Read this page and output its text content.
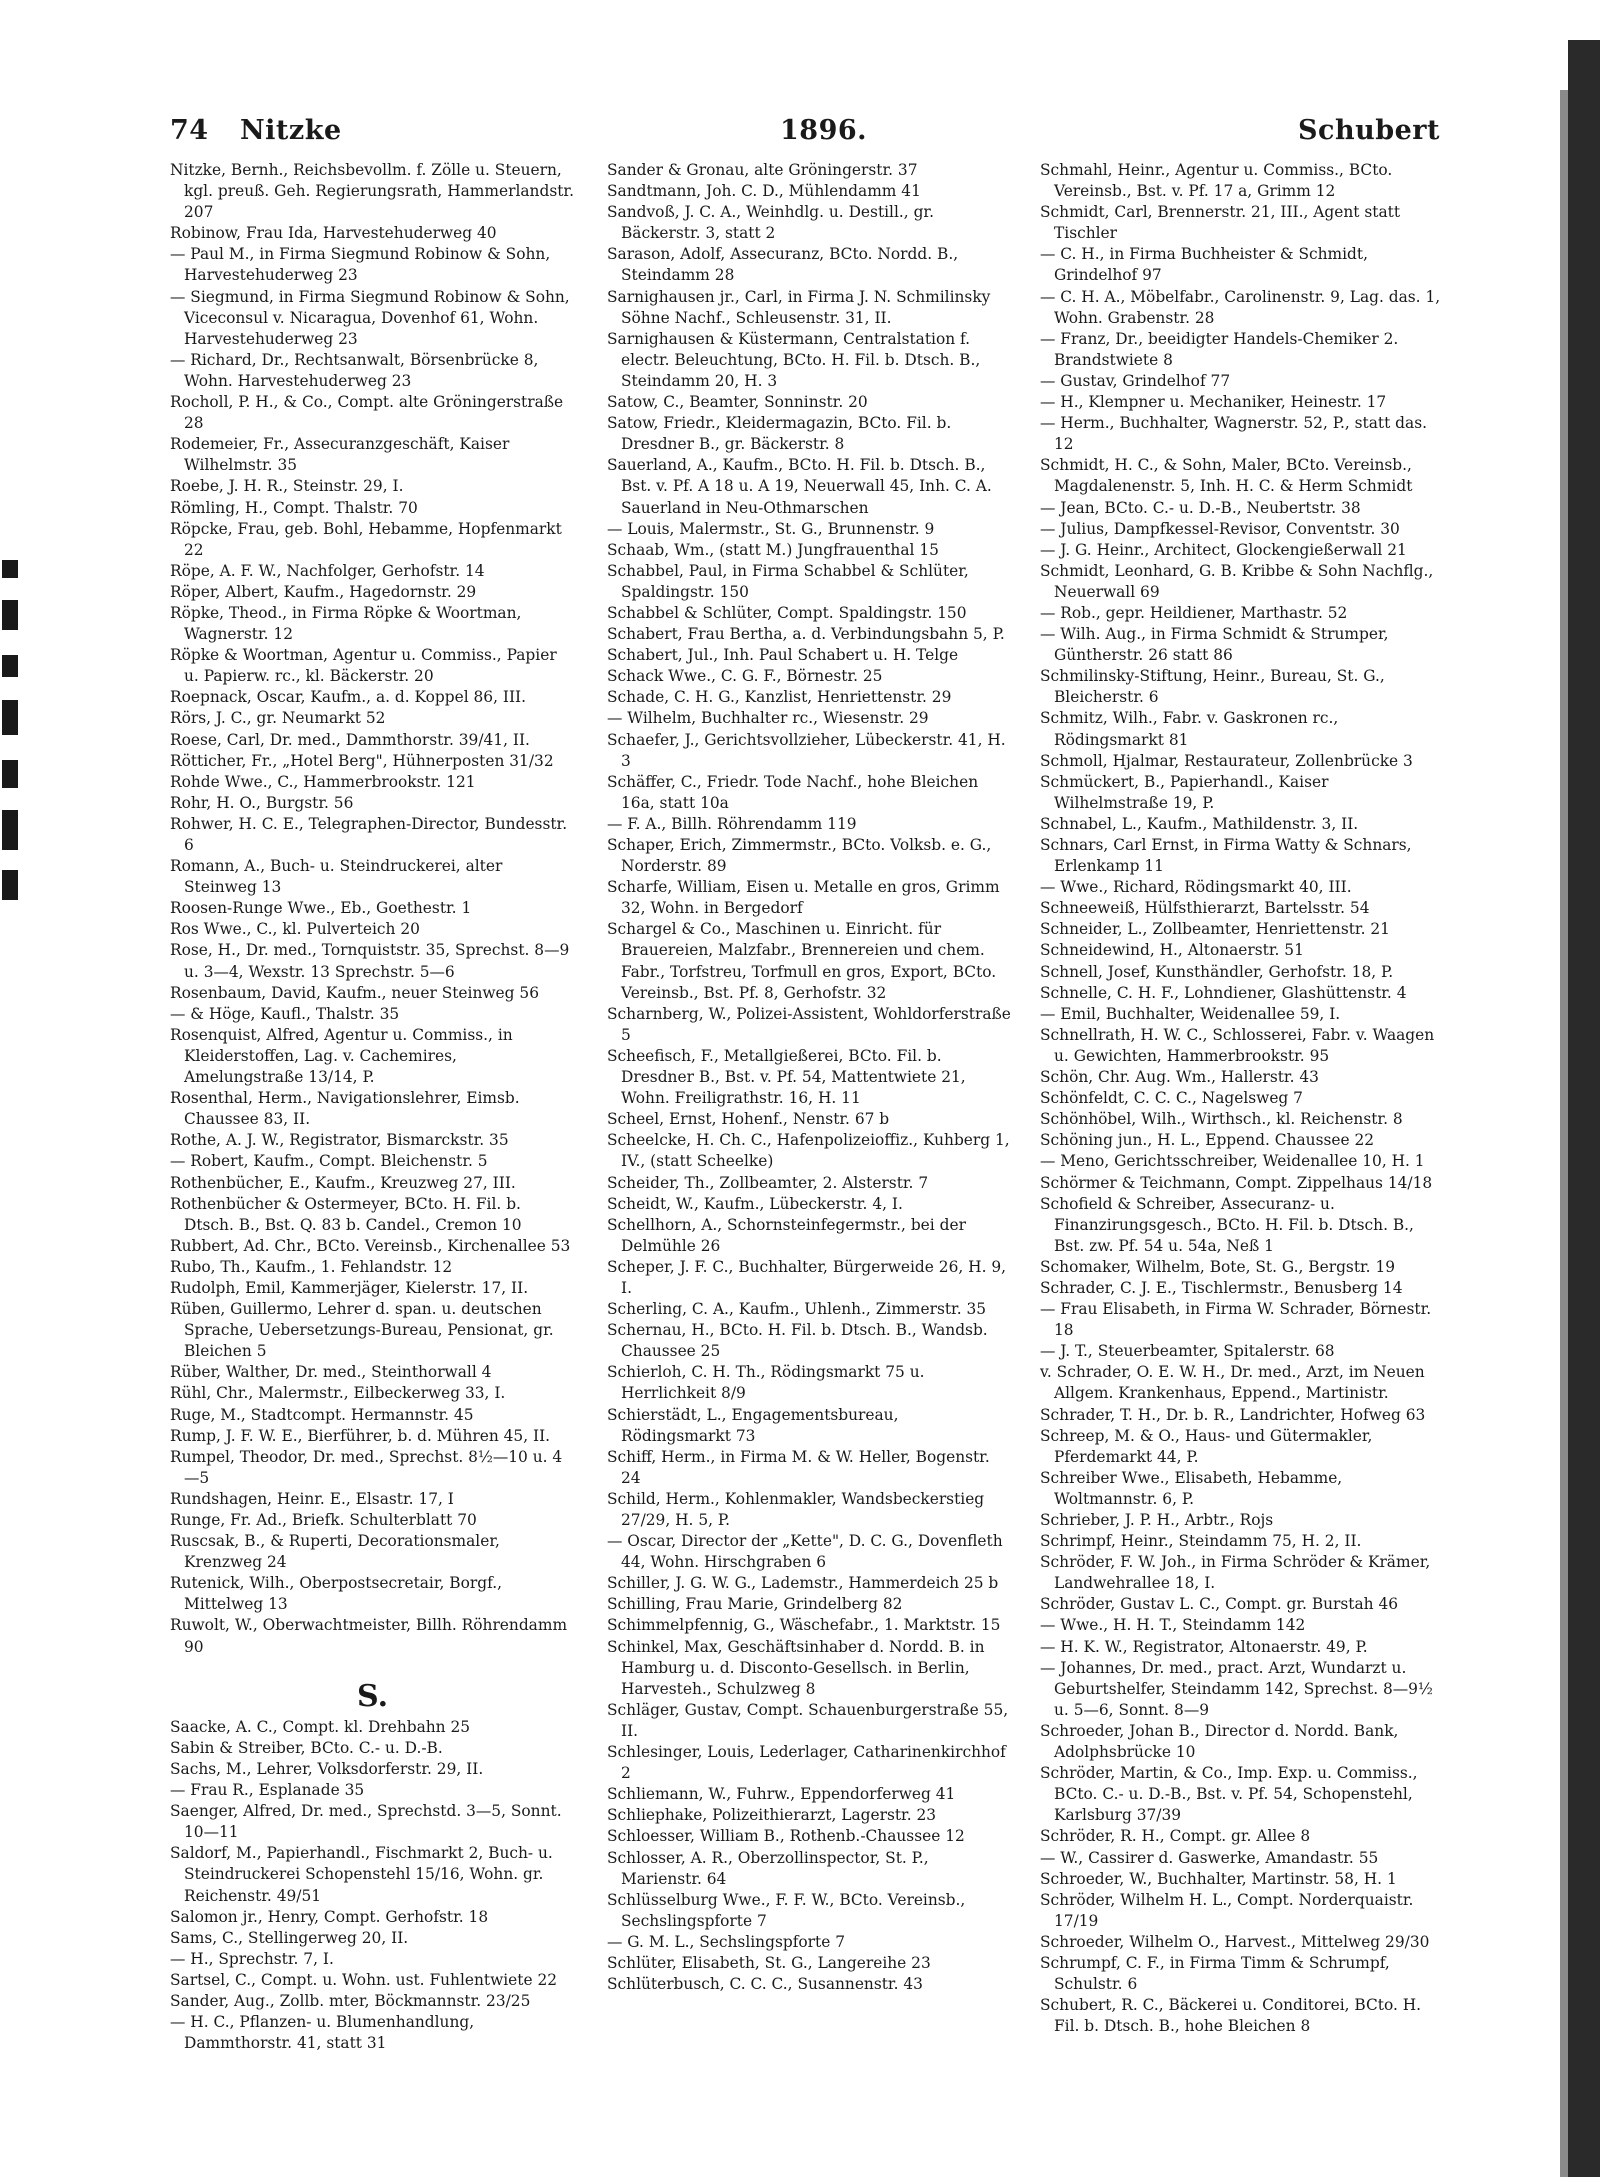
74 Nitzke	1896.	Schubert

Nitzke, Bernh., Reichsbevollm. f. Zölle u. Steuern, kgl. preuß. Geh. Regierungsrath, Hammerlandstr. 207

Robinow, Frau Ida, Harvestehuderweg 40

— Paul M., in Firma Siegmund Robinow & Sohn, Harvestehuderweg 23

— Siegmund, in Firma Siegmund Robinow & Sohn, Viceconsul v. Nicaragua, Dovenhof 61, Wohn. Harvestehuderweg 23

— Richard, Dr., Rechtsanwalt, Börsenbrücke 8, Wohn. Harvestehuderweg 23

Rocholl, P. H., & Co., Compt. alte Gröningerstraße 28

Rodemeier, Fr., Assecuranzgeschäft, Kaiser Wilhelmstr. 35

Roebe, J. H. R., Steinstr. 29, I.

Römling, H., Compt. Thalstr. 70

Röpcke, Frau, geb. Bohl, Hebamme, Hopfenmarkt 22

Röpe, A. F. W., Nachfolger, Gerhofstr. 14

Röper, Albert, Kaufm., Hagedornstr. 29

Röpke, Theod., in Firma Röpke & Woortman, Wagnerstr. 12

Röpke & Woortman, Agentur u. Commiss., Papier u. Papierw. rc., kl. Bäckerstr. 20

Roepnack, Oscar, Kaufm., a. d. Koppel 86, III.

Rörs, J. C., gr. Neumarkt 52

Roese, Carl, Dr. med., Dammthorstr. 39/41, II.

Rötticher, Fr., „Hotel Berg", Hühnerposten 31/32

Rohde Wwe., C., Hammerbrookstr. 121

Rohr, H. O., Burgstr. 56

Rohwer, H. C. E., Telegraphen-Director, Bundesstr. 6

Romann, A., Buch- u. Steindruckerei, alter Steinweg 13

Roosen-Runge Wwe., Eb., Goethestr. 1

Ros Wwe., C., kl. Pulverteich 20

Rose, H., Dr. med., Tornquiststr. 35, Sprechst. 8—9 u. 3—4, Wexstr. 13 Sprechstr. 5—6

Rosenbaum, David, Kaufm., neuer Steinweg 56

— & Höge, Kaufl., Thalstr. 35

Rosenquist, Alfred, Agentur u. Commiss., in Kleiderstoffen, Lag. v. Cachemires, Amelungstraße 13/14, P.

Rosenthal, Herm., Navigationslehrer, Eimsb. Chaussee 83, II.

Rothe, A. J. W., Registrator, Bismarckstr. 35

— Robert, Kaufm., Compt. Bleichenstr. 5

Rothenbücher, E., Kaufm., Kreuzweg 27, III.

Rothenbücher & Ostermeyer, BCto. H. Fil. b. Dtsch. B., Bst. Q. 83 b. Candel., Cremon 10

Rubbert, Ad. Chr., BCto. Vereinsb., Kirchenallee 53

Rubo, Th., Kaufm., 1. Fehlandstr. 12

Rudolph, Emil, Kammerjäger, Kielerstr. 17, II.

Rüben, Guillermo, Lehrer d. span. u. deutschen Sprache, Uebersetzungs-Bureau, Pensionat, gr. Bleichen 5

Rüber, Walther, Dr. med., Steinthorwall 4

Rühl, Chr., Malermstr., Eilbeckerweg 33, I.

Ruge, M., Stadtcompt. Hermannstr. 45

Rump, J. F. W. E., Bierführer, b. d. Mühren 45, II.

Rumpel, Theodor, Dr. med., Sprechst. 8½—10 u. 4—5

Rundshagen, Heinr. E., Elsastr. 17, I

Runge, Fr. Ad., Briefk. Schulterblatt 70

Ruscsak, B., & Ruperti, Decorationsmaler, Krenzweg 24

Rutenick, Wilh., Oberpostsecretair, Borgf., Mittelweg 13

Ruwolt, W., Oberwachtmeister, Billh. Röhrendamm 90

S.

Saacke, A. C., Compt. kl. Drehbahn 25

Sabin & Streiber, BCto. C.- u. D.-B.

Sachs, M., Lehrer, Volksdorferstr. 29, II.

— Frau R., Esplanade 35

Saenger, Alfred, Dr. med., Sprechstd. 3—5, Sonnt. 10—11

Saldorf, M., Papierhandl., Fischmarkt 2, Buch- u. Steindruckerei Schopenstehl 15/16, Wohn. gr. Reichenstr. 49/51

Salomon jr., Henry, Compt. Gerhofstr. 18

Sams, C., Stellingerweg 20, II.

— H., Sprechstr. 7, I.

Sartsel, C., Compt. u. Wohn. ust. Fuhlentwiete 22

Sander, Aug., Zollb. mter, Böckmannstr. 23/25

— H. C., Pflanzen- u. Blumenhandlung, Dammthorstr. 41, statt 31

Sander & Gronau, alte Gröningerstr. 37

Sandtmann, Joh. C. D., Mühlendamm 41

Sandvoß, J. C. A., Weinhdlg. u. Destill., gr. Bäckerstr. 3, statt 2

Sarason, Adolf, Assecuranz, BCto. Nordd. B., Steindamm 28

Sarnighausen jr., Carl, in Firma J. N. Schmilinsky Söhne Nachf., Schleusenstr. 31, II.

Sarnighausen & Küstermann, Centralstation f. electr. Beleuchtung, BCto. H. Fil. b. Dtsch. B., Steindamm 20, H. 3

Satow, C., Beamter, Sonninstr. 20

Satow, Friedr., Kleidermagazin, BCto. Fil. b. Dresdner B., gr. Bäckerstr. 8

Sauerland, A., Kaufm., BCto. H. Fil. b. Dtsch. B., Bst. v. Pf. A 18 u. A 19, Neuerwall 45, Inh. C. A. Sauerland in Neu-Othmarschen

— Louis, Malermstr., St. G., Brunnenstr. 9

Schaab, Wm., (statt M.) Jungfrauenthal 15

Schabbel, Paul, in Firma Schabbel & Schlüter, Spaldingstr. 150

Schabbel & Schlüter, Compt. Spaldingstr. 150

Schabert, Frau Bertha, a. d. Verbindungsbahn 5, P.

Schabert, Jul., Inh. Paul Schabert u. H. Telge

Schack Wwe., C. G. F., Börnestr. 25

Schade, C. H. G., Kanzlist, Henriettenstr. 29

— Wilhelm, Buchhalter rc., Wiesenstr. 29

Schaefer, J., Gerichtsvollzieher, Lübeckerstr. 41, H. 3

Schäffer, C., Friedr. Tode Nachf., hohe Bleichen 16a, statt 10a

— F. A., Billh. Röhrendamm 119

Schaper, Erich, Zimmermstr., BCto. Volksb. e. G., Norderstr. 89

Scharfe, William, Eisen u. Metalle en gros, Grimm 32, Wohn. in Bergedorf

Schargel & Co., Maschinen u. Einricht. für Brauereien, Malzfabr., Brennereien und chem. Fabr., Torfstreu, Torfmull en gros, Export, BCto. Vereinsb., Bst. Pf. 8, Gerhofstr. 32

Scharnberg, W., Polizei-Assistent, Wohldorferstraße 5

Scheefisch, F., Metallgießerei, BCto. Fil. b. Dresdner B., Bst. v. Pf. 54, Mattentwiete 21, Wohn. Freiligrathstr. 16, H. 11

Scheel, Ernst, Hohenf., Nenstr. 67 b

Scheelcke, H. Ch. C., Hafenpolizeioffiz., Kuhberg 1, IV., (statt Scheelke)

Scheider, Th., Zollbeamter, 2. Alsterstr. 7

Scheidt, W., Kaufm., Lübeckerstr. 4, I.

Schellhorn, A., Schornsteinfegermstr., bei der Delmühle 26

Scheper, J. F. C., Buchhalter, Bürgerweide 26, H. 9, I.

Scherling, C. A., Kaufm., Uhlenh., Zimmerstr. 35

Schernau, H., BCto. H. Fil. b. Dtsch. B., Wandsb. Chaussee 25

Schierloh, C. H. Th., Rödingsmarkt 75 u. Herrlichkeit 8/9

Schierstädt, L., Engagementsbureau, Rödingsmarkt 73

Schiff, Herm., in Firma M. & W. Heller, Bogenstr. 24

Schild, Herm., Kohlenmakler, Wandsbeckerstieg 27/29, H. 5, P.

— Oscar, Director der „Kette", D. C. G., Dovenfleth 44, Wohn. Hirschgraben 6

Schiller, J. G. W. G., Lademstr., Hammerdeich 25 b

Schilling, Frau Marie, Grindelberg 82

Schimmelpfennig, G., Wäschefabr., 1. Marktstr. 15

Schinkel, Max, Geschäftsinhaber d. Nordd. B. in Hamburg u. d. Disconto-Gesellsch. in Berlin, Harvesteh., Schulzweg 8

Schläger, Gustav, Compt. Schauenburgerstraße 55, II.

Schlesinger, Louis, Lederlager, Catharinenkirchhof 2

Schliemann, W., Fuhrw., Eppendorferweg 41

Schliephake, Polizeithierarzt, Lagerstr. 23

Schloesser, William B., Rothenb.-Chaussee 12

Schlosser, A. R., Oberzollinspector, St. P., Marienstr. 64

Schlüsselburg Wwe., F. F. W., BCto. Vereinsb., Sechslingspforte 7

— G. M. L., Sechslingspforte 7

Schlüter, Elisabeth, St. G., Langereihe 23

Schlüterbusch, C. C. C., Susannenstr. 43

Schmahl, Heinr., Agentur u. Commiss., BCto. Vereinsb., Bst. v. Pf. 17 a, Grimm 12

Schmidt, Carl, Brennerstr. 21, III., Agent statt Tischler

— C. H., in Firma Buchheister & Schmidt, Grindelhof 97

— C. H. A., Möbelfabr., Carolinenstr. 9, Lag. das. 1, Wohn. Grabenstr. 28

— Franz, Dr., beeidigter Handels-Chemiker 2. Brandstwiete 8

— Gustav, Grindelhof 77

— H., Klempner u. Mechaniker, Heinestr. 17

— Herm., Buchhalter, Wagnerstr. 52, P., statt das. 12

Schmidt, H. C., & Sohn, Maler, BCto. Vereinsb., Magdalenenstr. 5, Inh. H. C. & Herm Schmidt

— Jean, BCto. C.- u. D.-B., Neubertstr. 38

— Julius, Dampfkessel-Revisor, Conventstr. 30

— J. G. Heinr., Architect, Glockengießerwall 21

Schmidt, Leonhard, G. B. Kribbe & Sohn Nachflg., Neuerwall 69

— Rob., gepr. Heildiener, Marthastr. 52

— Wilh. Aug., in Firma Schmidt & Strumper, Güntherstr. 26 statt 86

Schmilinsky-Stiftung, Heinr., Bureau, St. G., Bleicherstr. 6

Schmitz, Wilh., Fabr. v. Gaskronen rc., Rödingsmarkt 81

Schmoll, Hjalmar, Restaurateur, Zollenbrücke 3

Schmückert, B., Papierhandl., Kaiser Wilhelmstraße 19, P.

Schnabel, L., Kaufm., Mathildenstr. 3, II.

Schnars, Carl Ernst, in Firma Watty & Schnars, Erlenkamp 11

— Wwe., Richard, Rödingsmarkt 40, III.

Schneeweiß, Hülfsthierarzt, Bartelsstr. 54

Schneider, L., Zollbeamter, Henriettenstr. 21

Schneidewind, H., Altonaerstr. 51

Schnell, Josef, Kunsthändler, Gerhofstr. 18, P.

Schnelle, C. H. F., Lohndiener, Glashüttenstr. 4

— Emil, Buchhalter, Weidenallee 59, I.

Schnellrath, H. W. C., Schlosserei, Fabr. v. Waagen u. Gewichten, Hammerbrookstr. 95

Schön, Chr. Aug. Wm., Hallerstr. 43

Schönfeldt, C. C. C., Nagelsweg 7

Schönhöbel, Wilh., Wirthsch., kl. Reichenstr. 8

Schöning jun., H. L., Eppend. Chaussee 22

— Meno, Gerichtsschreiber, Weidenallee 10, H. 1

Schörmer & Teichmann, Compt. Zippelhaus 14/18

Schofield & Schreiber, Assecuranz- u. Finanzirungsgesch., BCto. H. Fil. b. Dtsch. B., Bst. zw. Pf. 54 u. 54a, Neß 1

Schomaker, Wilhelm, Bote, St. G., Bergstr. 19

Schrader, C. J. E., Tischlermstr., Benusberg 14

— Frau Elisabeth, in Firma W. Schrader, Börnestr. 18

— J. T., Steuerbeamter, Spitalerstr. 68

v. Schrader, O. E. W. H., Dr. med., Arzt, im Neuen Allgem. Krankenhaus, Eppend., Martinistr.

Schrader, T. H., Dr. b. R., Landrichter, Hofweg 63

Schreep, M. & O., Haus- und Gütermakler, Pferdemarkt 44, P.

Schreiber Wwe., Elisabeth, Hebamme, Woltmannstr. 6, P.

Schrieber, J. P. H., Arbtr., Rojs

Schrimpf, Heinr., Steindamm 75, H. 2, II.

Schröder, F. W. Joh., in Firma Schröder & Krämer, Landwehrallee 18, I.

Schröder, Gustav L. C., Compt. gr. Burstah 46

— Wwe., H. H. T., Steindamm 142

— H. K. W., Registrator, Altonaerstr. 49, P.

— Johannes, Dr. med., pract. Arzt, Wundarzt u. Geburtshelfer, Steindamm 142, Sprechst. 8—9½ u. 5—6, Sonnt. 8—9

Schroeder, Johan B., Director d. Nordd. Bank, Adolphsbrücke 10

Schröder, Martin, & Co., Imp. Exp. u. Commiss., BCto. C.- u. D.-B., Bst. v. Pf. 54, Schopenstehl, Karlsburg 37/39

Schröder, R. H., Compt. gr. Allee 8

— W., Cassirer d. Gaswerke, Amandastr. 55

Schroeder, W., Buchhalter, Martinstr. 58, H. 1

Schröder, Wilhelm H. L., Compt. Norderquaistr. 17/19

Schroeder, Wilhelm O., Harvest., Mittelweg 29/30

Schrumpf, C. F., in Firma Timm & Schrumpf, Schulstr. 6

Schubert, R. C., Bäckerei u. Conditorei, BCto. H. Fil. b. Dtsch. B., hohe Bleichen 8
